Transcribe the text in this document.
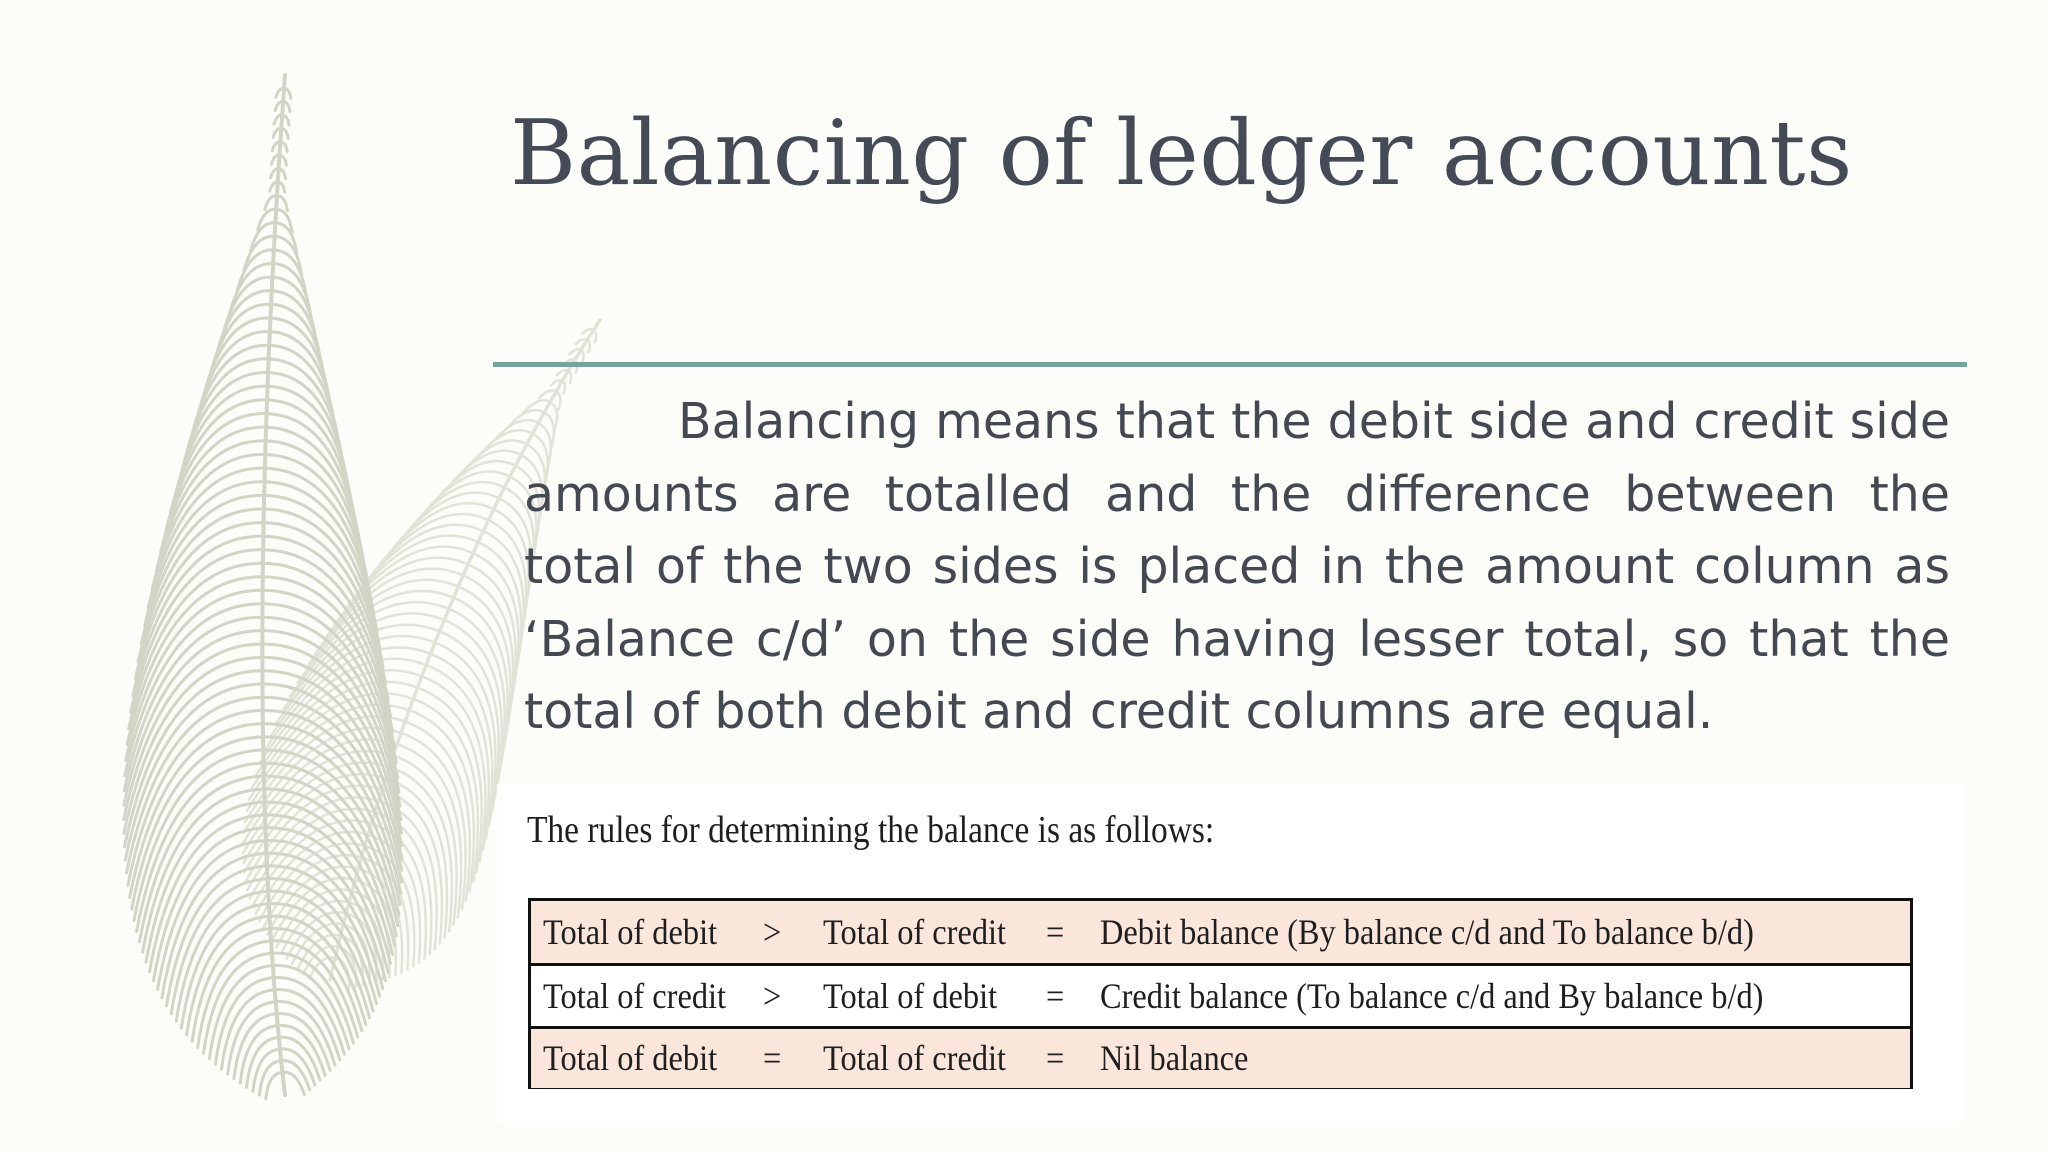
Balancing of ledger accounts

Balancing means that the debit side and credit side amounts are totalled and the difference between the total of the two sides is placed in the amount column as ‘Balance c/d’ on the side having lesser total, so that the total of both debit and credit columns are equal.

The rules for determining the balance is as follows:

Total of debit > Total of credit = Debit balance (By balance c/d and To balance b/d)
Total of credit > Total of debit = Credit balance (To balance c/d and By balance b/d)
Total of debit = Total of credit = Nil balance
